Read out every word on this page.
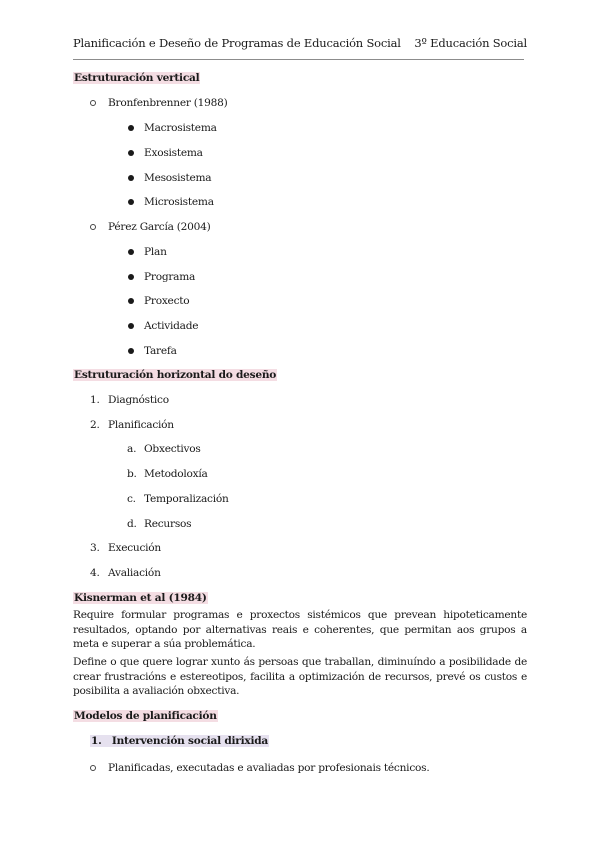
Planificación e Deseño de Programas de Educación Social 3º Educación Social
Estruturación vertical
Bronfenbrenner (1988)
Macrosistema
Exosistema
Mesosistema
Microsistema
Pérez García (2004)
Plan
Programa
Proxecto
Actividade
Tarefa
Estruturación horizontal do deseño
1. Diagnóstico
2. Planificación
a. Obxectivos
b. Metodoloxía
c. Temporalización
d. Recursos
3. Execución
4. Avaliación
Kisnerman et al (1984)

Require formular programas e proxectos sistémicos que prevean hipoteticamente resultados, optando por alternativas reais e coherentes, que permitan aos grupos a meta e superar a súa problemática.

Define o que quere lograr xunto ás persoas que traballan, diminuíndo a posibilidade de crear frustracións e estereotipos, facilita a optimización de recursos, prevé os custos e posibilita a avaliación obxectiva.

Modelos de planificación
1. Intervención social dirixida
Planificadas, executadas e avaliadas por profesionais técnicos.
